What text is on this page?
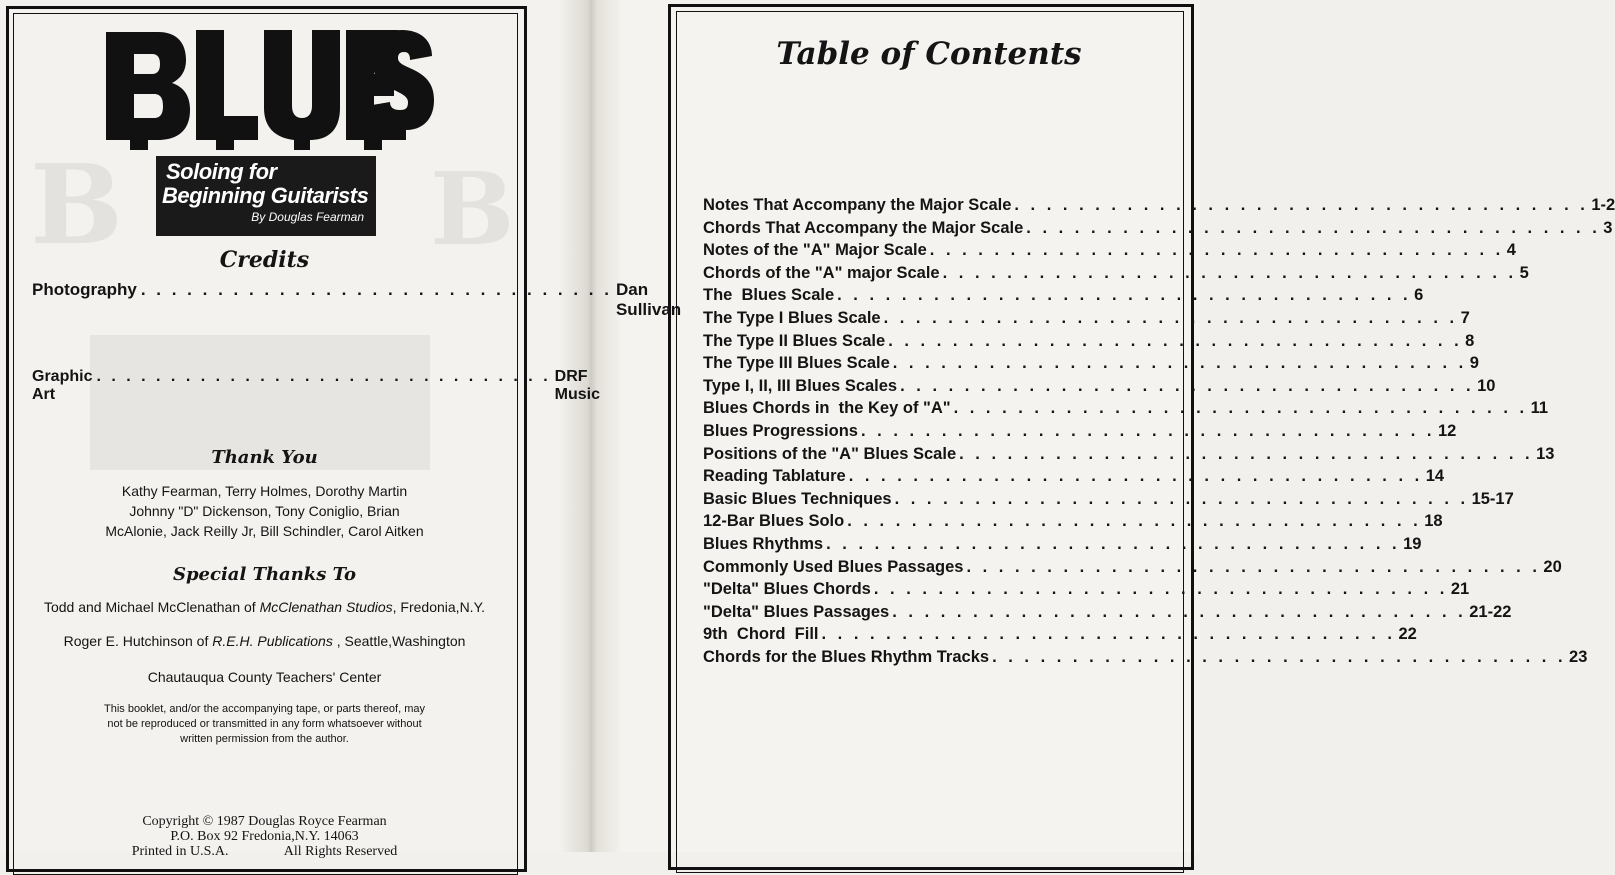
B	B
Soloing for
Beginning Guitarists
By Douglas Fearman
Credits
Photography . . . . . . . . . . . . . . . . . . . . . . . . . . . . . . . Dan Sullivan
Graphic Art
. . . . . . . . . . . . . . . . . . . . . . . . . . . . . . . DRF Music
Thank You
Kathy Fearman, Terry Holmes, Dorothy Martin
Johnny "D" Dickenson, Tony Coniglio, Brian
McAlonie, Jack Reilly Jr, Bill Schindler, Carol Aitken
Special Thanks To
Todd and Michael McClenathan of McClenathan Studios, Fredonia,N.Y.
Roger E. Hutchinson of R.E.H. Publications , Seattle,Washington
Chautauqua County Teachers' Center
This booklet, and/or the accompanying tape, or parts thereof, may
not be reproduced or transmitted in any form whatsoever without
written permission from the author.
Copyright © 1987 Douglas Royce Fearman
P.O. Box 92 Fredonia,N.Y. 14063
Printed in U.S.A.                All Rights Reserved
Table of Contents
Notes That Accompany the Major Scale . . . . . . . . . . . . . . . . . . . . . . . . . . . . . . . . . . . . 1-2
Chords That Accompany the Major Scale . . . . . . . . . . . . . . . . . . . . . . . . . . . . . . . . . . . . 3
Notes of the "A" Major Scale . . . . . . . . . . . . . . . . . . . . . . . . . . . . . . . . . . . . 4
Chords of the "A" major Scale . . . . . . . . . . . . . . . . . . . . . . . . . . . . . . . . . . . . 5
The  Blues Scale . . . . . . . . . . . . . . . . . . . . . . . . . . . . . . . . . . . . 6
The Type I Blues Scale . . . . . . . . . . . . . . . . . . . . . . . . . . . . . . . . . . . . 7
The Type II Blues Scale . . . . . . . . . . . . . . . . . . . . . . . . . . . . . . . . . . . . 8
The Type III Blues Scale . . . . . . . . . . . . . . . . . . . . . . . . . . . . . . . . . . . . 9
Type I, II, III Blues Scales . . . . . . . . . . . . . . . . . . . . . . . . . . . . . . . . . . . . 10
Blues Chords in  the Key of "A" . . . . . . . . . . . . . . . . . . . . . . . . . . . . . . . . . . . . 11
Blues Progressions . . . . . . . . . . . . . . . . . . . . . . . . . . . . . . . . . . . . 12
Positions of the "A" Blues Scale . . . . . . . . . . . . . . . . . . . . . . . . . . . . . . . . . . . . 13
Reading Tablature . . . . . . . . . . . . . . . . . . . . . . . . . . . . . . . . . . . . 14
Basic Blues Techniques . . . . . . . . . . . . . . . . . . . . . . . . . . . . . . . . . . . . 15-17
12-Bar Blues Solo . . . . . . . . . . . . . . . . . . . . . . . . . . . . . . . . . . . . 18
Blues Rhythms . . . . . . . . . . . . . . . . . . . . . . . . . . . . . . . . . . . . 19
Commonly Used Blues Passages . . . . . . . . . . . . . . . . . . . . . . . . . . . . . . . . . . . . 20
"Delta" Blues Chords . . . . . . . . . . . . . . . . . . . . . . . . . . . . . . . . . . . . 21
"Delta" Blues Passages . . . . . . . . . . . . . . . . . . . . . . . . . . . . . . . . . . . . 21-22
9th  Chord  Fill . . . . . . . . . . . . . . . . . . . . . . . . . . . . . . . . . . . . 22
Chords for the Blues Rhythm Tracks . . . . . . . . . . . . . . . . . . . . . . . . . . . . . . . . . . . . 23
